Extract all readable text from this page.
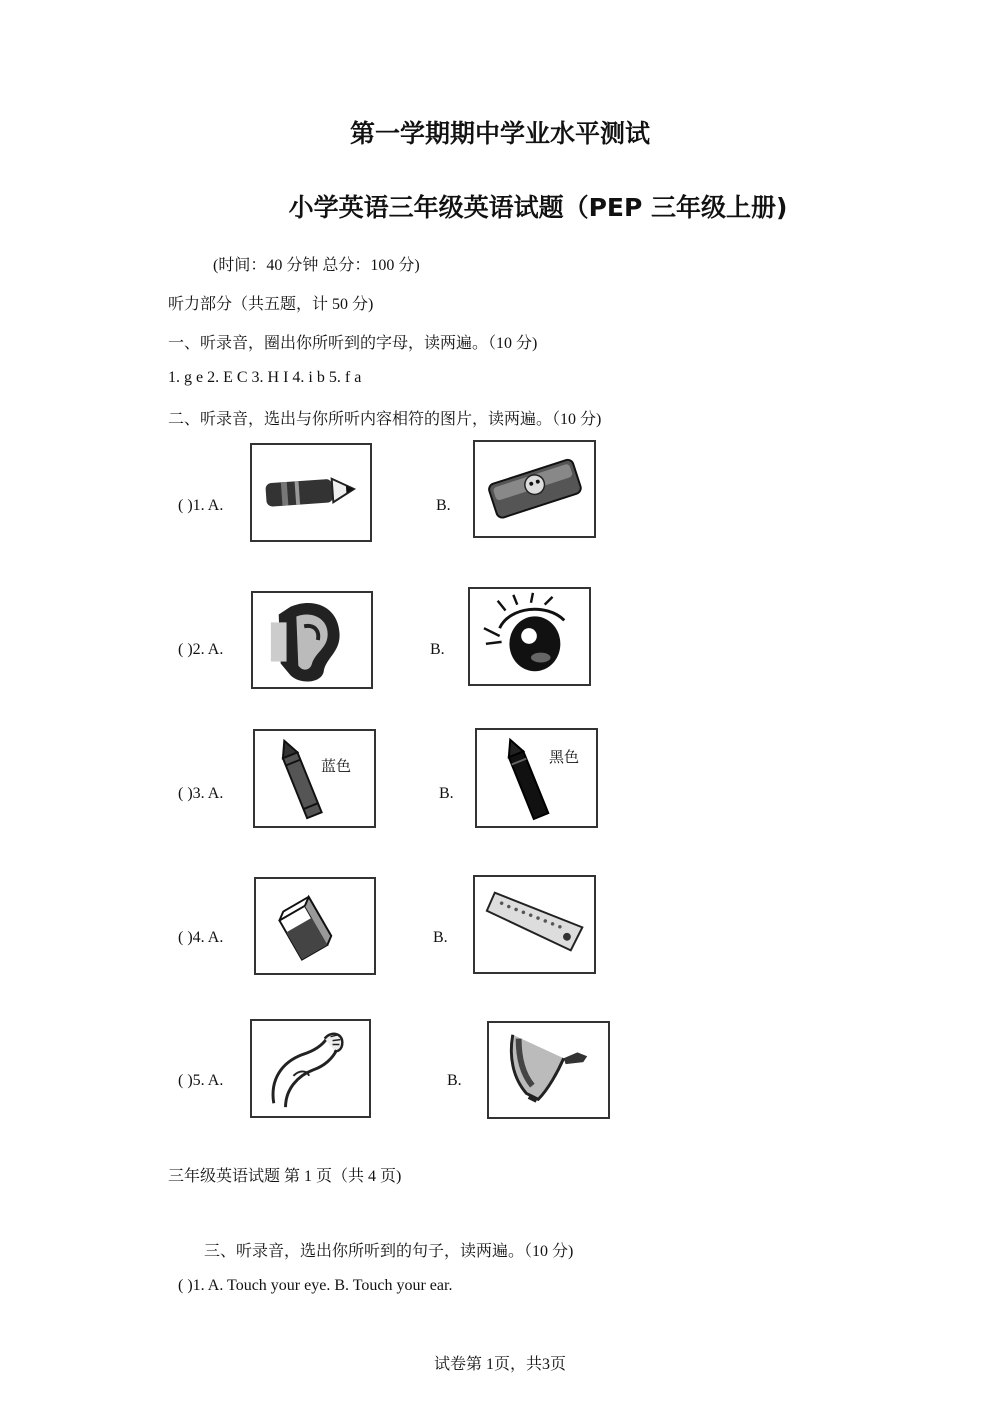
第一学期期中学业水平测试
小学英语三年级英语试题（PEP 三年级上册)
(时间：40 分钟 总分：100 分)
听力部分（共五题，计 50 分)
一、听录音，圈出你所听到的字母，读两遍。（10 分)
1. g e 2. E C 3. H I 4. i b 5. f a
二、听录音，选出与你所听内容相符的图片，读两遍。（10 分)
( )1. A.	B.
( )2. A.	B.
( )3. A.
蓝色
B.
黑色
( )4. A.	B.
( )5. A.	B.
三年级英语试题 第 1 页（共 4 页)
三、听录音，选出你所听到的句子，读两遍。（10 分)
( )1. A. Touch your eye. B. Touch your ear.
试卷第 1页，共3页
